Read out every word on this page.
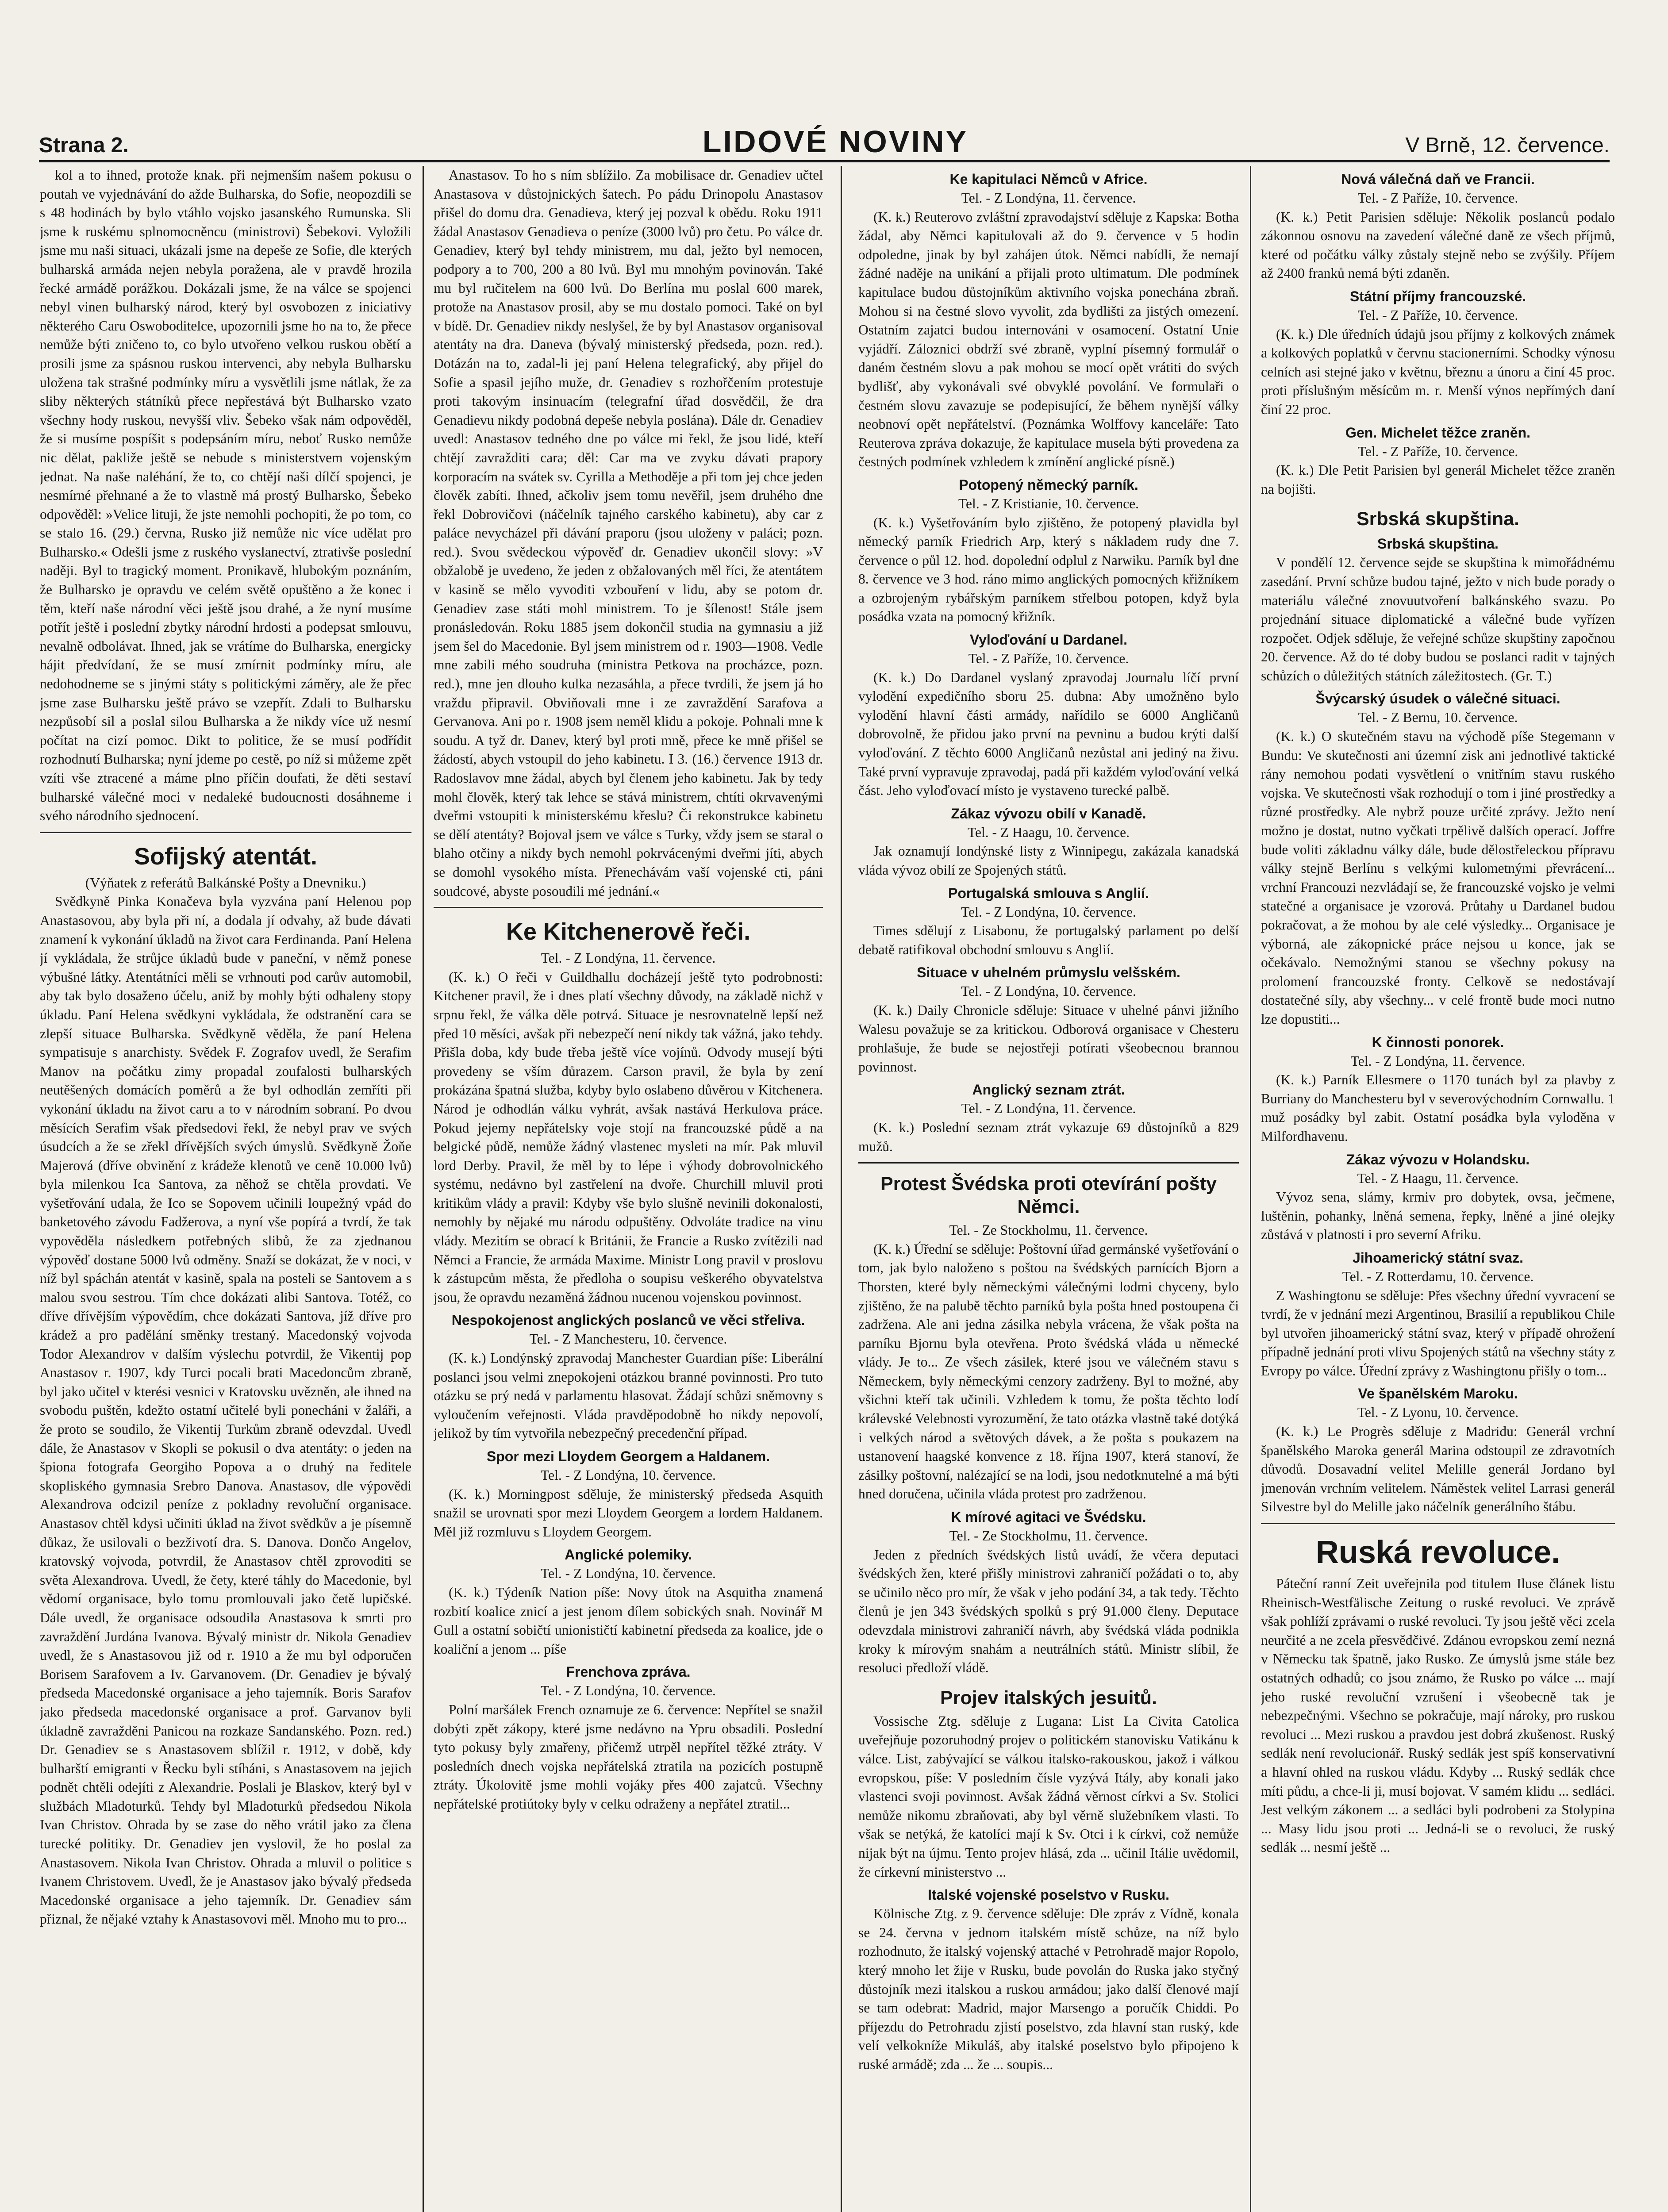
Strana 2.	LIDOVÉ NOVINY	V Brně, 12. července.

kol a to ihned, protože knak. při nejmenším našem pokusu o poutah ve vyjednávání do ažde Bulharska, do Sofie, neopozdili se s 48 hodinách by bylo vtáhlo vojsko jasanského Rumunska. Sli jsme k ruskému splnomocněncu (ministrovi) Šebekovi. Vyložili jsme mu naši situaci, ukázali jsme na depeše ze Sofie, dle kterých bulharská armáda nejen nebyla poražena, ale v pravdě hrozila řecké armádě porážkou. Dokázali jsme, že na válce se spojenci nebyl vinen bulharský národ, který byl osvobozen z iniciativy některého Caru Oswoboditelce, upozornili jsme ho na to, že přece nemůže býti zničeno to, co bylo utvořeno velkou ruskou obětí a prosili jsme za spásnou ruskou intervenci, aby nebyla Bulharsku uložena tak strašné podmínky míru a vysvětlili jsme nátlak, že za sliby některých státníků přece nepřestává být Bulharsko vzato všechny hody ruskou, nevyšší vliv. Šebeko však nám odpověděl, že si musíme pospíšit s podepsáním míru, neboť Rusko nemůže nic dělat, pakliže ještě se nebude s ministerstvem vojenským jednat. Na naše naléhání, že to, co chtějí naši dílčí spojenci, je nesmírné přehnané a že to vlastně má prostý Bulharsko, Šebeko odpověděl: »Velice lituji, že jste nemohli pochopiti, že po tom, co se stalo 16. (29.) června, Rusko již nemůže nic více udělat pro Bulharsko.« Odešli jsme z ruského vyslanectví, ztrativše poslední naději. Byl to tragický moment. Pronikavě, hlubokým poznáním, že Bulharsko je opravdu ve celém světě opuštěno a že konec i těm, kteří naše národní věci ještě jsou drahé, a že nyní musíme potřít ještě i poslední zbytky národní hrdosti a podepsat smlouvu, nevalně odbolávat. Ihned, jak se vrátíme do Bulharska, energicky hájit předvídaní, že se musí zmírnit podmínky míru, ale nedohodneme se s jinými státy s politickými záměry, ale že přec jsme zase Bulharsku ještě právo se vzepřít. Zdali to Bulharsku nezpůsobí sil a poslal silou Bulharska a že nikdy více už nesmí počítat na cizí pomoc. Dikt to politice, že se musí podřídit rozhodnutí Bulharska; nyní jdeme po cestě, po níž si můžeme zpět vzíti vše ztracené a máme plno příčin doufati, že děti sestaví bulharské válečné moci v nedaleké budoucnosti dosáhneme i svého národního sjednocení.

Sofijský atentát.

(Výňatek z referátů Balkánské Pošty a Dnevniku.)

Svědkyně Pinka Konačeva byla vyzvána paní Helenou pop Anastasovou, aby byla při ní, a dodala jí odvahy, až bude dávati znamení k vykonání úkladů na život cara Ferdinanda. Paní Helena jí vykládala, že strůjce úkladů bude v paneční, v němž ponese výbušné látky. Atentátníci měli se vrhnouti pod carův automobil, aby tak bylo dosaženo účelu, aniž by mohly býti odhaleny stopy úkladu. Paní Helena svědkyni vykládala, že odstranění cara se zlepší situace Bulharska. Svědkyně věděla, že paní Helena sympatisuje s anarchisty. Svědek F. Zografov uvedl, že Serafim Manov na počátku zimy propadal zoufalosti bulharských neutěšených domácích poměrů a že byl odhodlán zemříti při vykonání úkladu na život caru a to v národním sobraní. Po dvou měsících Serafim však předsedovi řekl, že nebyl prav ve svých úsudcích a že se zřekl dřívějších svých úmyslů. Svědkyně Žoňe Majerová (dříve obvinění z krádeže klenotů ve ceně 10.000 lvů) byla milenkou Ica Santova, za něhož se chtěla provdati. Ve vyšetřování udala, že Ico se Sopovem učinili loupežný vpád do banketového závodu Fadžerova, a nyní vše popírá a tvrdí, že tak vypověděla následkem potřebných slibů, že za zjednanou výpověď dostane 5000 lvů odměny. Snaží se dokázat, že v noci, v níž byl spáchán atentát v kasině, spala na posteli se Santovem a s malou svou sestrou. Tím chce dokázati alibi Santova. Totéž, co dříve dřívějším výpovědím, chce dokázati Santova, jíž dříve pro krádež a pro padělání směnky trestaný. Macedonský vojvoda Todor Alexandrov v dalším výslechu potvrdil, že Vikentij pop Anastasov r. 1907, kdy Turci pocali brati Macedoncům zbraně, byl jako učitel v kterési vesnici v Kratovsku uvězněn, ale ihned na svobodu puštěn, kdežto ostatní učitelé byli ponecháni v žaláři, a že proto se soudilo, že Vikentij Turkům zbraně odevzdal. Uvedl dále, že Anastasov v Skopli se pokusil o dva atentáty: o jeden na špiona fotografa Georgiho Popova a o druhý na ředitele skopliského gymnasia Srebro Danova. Anastasov, dle výpovědi Alexandrova odcizil peníze z pokladny revoluční organisace. Anastasov chtěl kdysi učiniti úklad na život svědkův a je písemně důkaz, že usilovali o bezživotí dra. S. Danova. Dončo Angelov, kratovský vojvoda, potvrdil, že Anastasov chtěl zprovoditi se světa Alexandrova. Uvedl, že čety, které táhly do Macedonie, byl vědomí organisace, bylo tomu promlouvali jako četě lupičské. Dále uvedl, že organisace odsoudila Anastasova k smrti pro zavraždění Jurdána Ivanova. Bývalý ministr dr. Nikola Genadiev uvedl, že s Anastasovou již od r. 1910 a že mu byl odporučen Borisem Sarafovem a Iv. Garvanovem. (Dr. Genadiev je bývalý předseda Macedonské organisace a jeho tajemník. Boris Sarafov jako předseda macedonské organisace a prof. Garvanov byli úkladně zavražděni Panicou na rozkaze Sandanského. Pozn. red.) Dr. Genadiev se s Anastasovem sblížil r. 1912, v době, kdy bulharští emigranti v Řecku byli stíháni, s Anastasovem na jejich podnět chtěli odejíti z Alexandrie. Poslali je Blaskov, který byl v službách Mladoturků. Tehdy byl Mladoturků předsedou Nikola Ivan Christov. Ohrada by se zase do něho vrátil jako za člena turecké politiky. Dr. Genadiev jen vyslovil, že ho poslal za Anastasovem. Nikola Ivan Christov. Ohrada a mluvil o politice s Ivanem Christovem. Uvedl, že je Anastasov jako bývalý předseda Macedonské organisace a jeho tajemník. Dr. Genadiev sám přiznal, že nějaké vztahy k Anastasovovi měl. Mnoho mu to pro...

Anastasov. To ho s ním sblížilo. Za mobilisace dr. Genadiev učtel Anastasova v důstojnických šatech. Po pádu Drinopolu Anastasov přišel do domu dra. Genadieva, který jej pozval k obědu. Roku 1911 žádal Anastasov Genadieva o peníze (3000 lvů) pro četu. Po válce dr. Genadiev, který byl tehdy ministrem, mu dal, ježto byl nemocen, podpory a to 700, 200 a 80 lvů. Byl mu mnohým povinován. Také mu byl ručitelem na 600 lvů. Do Berlína mu poslal 600 marek, protože na Anastasov prosil, aby se mu dostalo pomoci. Také on byl v bídě. Dr. Genadiev nikdy neslyšel, že by byl Anastasov organisoval atentáty na dra. Daneva (bývalý ministerský předseda, pozn. red.). Dotázán na to, zadal-li jej paní Helena telegrafický, aby přijel do Sofie a spasil jejího muže, dr. Genadiev s rozhořčením protestuje proti takovým insinuacím (telegrafní úřad dosvědčil, že dra Genadievu nikdy podobná depeše nebyla poslána). Dále dr. Genadiev uvedl: Anastasov tedného dne po válce mi řekl, že jsou lidé, kteří chtějí zavražditi cara; děl: Car ma ve zvyku dávati prapory korporacím na svátek sv. Cyrilla a Methoděje a při tom jej chce jeden člověk zabíti. Ihned, ačkoliv jsem tomu nevěřil, jsem druhého dne řekl Dobrovičovi (náčelník tajného carského kabinetu), aby car z paláce nevycházel při dávání praporu (jsou uloženy v paláci; pozn. red.). Svou svědeckou výpověď dr. Genadiev ukončil slovy: »V obžalobě je uvedeno, že jeden z obžalovaných měl říci, že atentátem v kasině se mělo vyvoditi vzbouření v lidu, aby se potom dr. Genadiev zase státi mohl ministrem. To je šílenost! Stále jsem pronásledován. Roku 1885 jsem dokončil studia na gymnasiu a již jsem šel do Macedonie. Byl jsem ministrem od r. 1903—1908. Vedle mne zabili mého soudruha (ministra Petkova na procházce, pozn. red.), mne jen dlouho kulka nezasáhla, a přece tvrdili, že jsem já ho vraždu připravil. Obviňovali mne i ze zavraždění Sarafova a Gervanova. Ani po r. 1908 jsem neměl klidu a pokoje. Pohnali mne k soudu. A tyž dr. Danev, který byl proti mně, přece ke mně přišel se žádostí, abych vstoupil do jeho kabinetu. I 3. (16.) července 1913 dr. Radoslavov mne žádal, abych byl členem jeho kabinetu. Jak by tedy mohl člověk, který tak lehce se stává ministrem, chtíti okrvavenými dveřmi vstoupiti k ministerskému křeslu? Či rekonstrukce kabinetu se dělí atentáty? Bojoval jsem ve válce s Turky, vždy jsem se staral o blaho otčiny a nikdy bych nemohl pokrvácenými dveřmi jíti, abych se domohl vysokého místa. Přenechávám vaší vojenské cti, páni soudcové, abyste posoudili mé jednání.«

Ke Kitchenerově řeči.

Tel. - Z Londýna, 11. července.

(K. k.) O řeči v Guildhallu docházejí ještě tyto podrobnosti: Kitchener pravil, že i dnes platí všechny důvody, na základě nichž v srpnu řekl, že válka děle potrvá. Situace je nesrovnatelně lepší než před 10 měsíci, avšak při nebezpečí není nikdy tak vážná, jako tehdy. Přišla doba, kdy bude třeba ještě více vojínů. Odvody musejí býti provedeny se vším důrazem. Carson pravil, že byla by zení prokázána špatná služba, kdyby bylo oslabeno důvěrou v Kitchenera. Národ je odhodlán válku vyhrát, avšak nastává Herkulova práce. Pokud jejemy nepřátelsky voje stojí na francouzské půdě a na belgické půdě, nemůže žádný vlastenec mysleti na mír. Pak mluvil lord Derby. Pravil, že měl by to lépe i výhody dobrovolnického systému, nedávno byl zastřelení na dvoře. Churchill mluvil proti kritikům vlády a pravil: Kdyby vše bylo slušně nevinili dokonalosti, nemohly by nějaké mu národu odpuštěny. Odvoláte tradice na vinu vlády. Mezitím se obrací k Británii, že Francie a Rusko zvítězili nad Němci a Francie, že armáda Maxime. Ministr Long pravil v proslovu k zástupcům města, že předloha o soupisu veškerého obyvatelstva jsou, že opravdu nezaměná žádnou nucenou vojenskou povinnost.

Nespokojenost anglických poslanců ve věci střeliva.

Tel. - Z Manchesteru, 10. července.

(K. k.) Londýnský zpravodaj Manchester Guardian píše: Liberální poslanci jsou velmi znepokojeni otázkou branné povinnosti. Pro tuto otázku se prý nedá v parlamentu hlasovat. Žádají schůzi sněmovny s vyloučením veřejnosti. Vláda pravděpodobně ho nikdy nepovolí, jelikož by tím vytvořila nebezpečný precedenční případ.

Spor mezi Lloydem Georgem a Haldanem.

Tel. - Z Londýna, 10. července.

(K. k.) Morningpost sděluje, že ministerský předseda Asquith snažil se urovnati spor mezi Lloydem Georgem a lordem Haldanem. Měl již rozmluvu s Lloydem Georgem.

Anglické polemiky.

Tel. - Z Londýna, 10. července.

(K. k.) Týdeník Nation píše: Novy útok na Asquitha znamená rozbití koalice znicí a jest jenom dílem sobických snah. Novinář M Gull a ostatní sobičtí unionističtí kabinetní předseda za koalice, jde o koaliční a jenom ... píše

Frenchova zpráva.

Tel. - Z Londýna, 10. července.

Polní maršálek French oznamuje ze 6. července: Nepřítel se snažil dobýti zpět zákopy, které jsme nedávno na Ypru obsadili. Poslední tyto pokusy byly zmařeny, přičemž utrpěl nepřítel těžké ztráty. V posledních dnech vojska nepřátelská ztratila na pozicích postupně ztráty. Úkolovitě jsme mohli vojáky přes 400 zajatců. Všechny nepřátelské protiútoky byly v celku odraženy a nepřátel ztratil...

Ke kapitulaci Němců v Africe.

Tel. - Z Londýna, 11. července.

(K. k.) Reuterovo zvláštní zpravodajství sděluje z Kapska: Botha žádal, aby Němci kapitulovali až do 9. července v 5 hodin odpoledne, jinak by byl zahájen útok. Němci nabídli, že nemají žádné naděje na unikání a přijali proto ultimatum. Dle podmínek kapitulace budou důstojníkům aktivního vojska ponechána zbraň. Mohou si na čestné slovo vyvolit, zda bydlišti za jistých omezení. Ostatním zajatci budou internováni v osamocení. Ostatní Unie vyjádří. Záloznici obdrží své zbraně, vyplní písemný formulář o daném čestném slovu a pak mohou se mocí opět vrátiti do svých bydlišť, aby vykonávali své obvyklé povolání. Ve formulaři o čestném slovu zavazuje se podepisující, že během nynější války neobnoví opět nepřátelství. (Poznámka Wolffovy kanceláře: Tato Reuterova zpráva dokazuje, že kapitulace musela býti provedena za čestných podmínek vzhledem k zmínění anglické písně.)

Potopený německý parník.

Tel. - Z Kristianie, 10. července.

(K. k.) Vyšetřováním bylo zjištěno, že potopený plavidla byl německý parník Friedrich Arp, který s nákladem rudy dne 7. července o půl 12. hod. dopolední odplul z Narwiku. Parník byl dne 8. července ve 3 hod. ráno mimo anglických pomocných křižníkem a ozbrojeným rybářským parníkem střelbou potopen, když byla posádka vzata na pomocný křižník.

Vyloďování u Dardanel.

Tel. - Z Paříže, 10. července.

(K. k.) Do Dardanel vyslaný zpravodaj Journalu líčí první vylodění expedičního sboru 25. dubna: Aby umožněno bylo vylodění hlavní části armády, nařídilo se 6000 Angličanů dobrovolně, že přidou jako první na pevninu a budou krýti další vyloďování. Z těchto 6000 Angličanů nezůstal ani jediný na živu. Také první vypravuje zpravodaj, padá při každém vyloďování velká část. Jeho vyloďovací místo je vystaveno turecké palbě.

Zákaz vývozu obilí v Kanadě.

Tel. - Z Haagu, 10. července.

Jak oznamují londýnské listy z Winnipegu, zakázala kanadská vláda vývoz obilí ze Spojených států.

Portugalská smlouva s Anglií.

Tel. - Z Londýna, 10. července.

Times sdělují z Lisabonu, že portugalský parlament po delší debatě ratifikoval obchodní smlouvu s Anglií.

Situace v uhelném průmyslu velšském.

Tel. - Z Londýna, 10. července.

(K. k.) Daily Chronicle sděluje: Situace v uhelné pánvi jižního Walesu považuje se za kritickou. Odborová organisace v Chesteru prohlašuje, že bude se nejostřeji potírati všeobecnou brannou povinnost.

Anglický seznam ztrát.

Tel. - Z Londýna, 11. července.

(K. k.) Poslední seznam ztrát vykazuje 69 důstojníků a 829 mužů.

Protest Švédska proti otevírání pošty Němci.

Tel. - Ze Stockholmu, 11. července.

(K. k.) Úřední se sděluje: Poštovní úřad germánské vyšetřování o tom, jak bylo naloženo s poštou na švédských parnících Bjorn a Thorsten, které byly německými válečnými lodmi chyceny, bylo zjištěno, že na palubě těchto parníků byla pošta hned postoupena či zadržena. Ale ani jedna zásilka nebyla vrácena, že však pošta na parníku Bjornu byla otevřena. Proto švédská vláda u německé vlády. Je to... Ze všech zásilek, které jsou ve válečném stavu s Německem, byly německými cenzory zadrženy. Byl to možné, aby všichni kteří tak učinili. Vzhledem k tomu, že pošta těchto lodí králevské Velebnosti vyrozumění, že tato otázka vlastně také dotýká i velkých národ a světových dávek, a že pošta s poukazem na ustanovení haagské konvence z 18. října 1907, která stanoví, že zásilky poštovní, nalézající se na lodi, jsou nedotknutelné a má býti hned doručena, učinila vláda protest pro zadrženou.

K mírové agitaci ve Švédsku.

Tel. - Ze Stockholmu, 11. července.

Jeden z předních švédských listů uvádí, že včera deputaci švédských žen, které přišly ministrovi zahraničí požádati o to, aby se učinilo něco pro mír, že však v jeho podání 34, a tak tedy. Těchto členů je jen 343 švédských spolků s prý 91.000 členy. Deputace odevzdala ministrovi zahraničí návrh, aby švédská vláda podnikla kroky k mírovým snahám a neutrálních států. Ministr slíbil, že resoluci předloží vládě.

Projev italských jesuitů.

Vossische Ztg. sděluje z Lugana: List La Civita Catolica uveřejňuje pozoruhodný projev o politickém stanovisku Vatikánu k válce. List, zabývající se válkou italsko-rakouskou, jakož i válkou evropskou, píše: V posledním čísle vyzývá Itály, aby konali jako vlastenci svoji povinnost. Avšak žádná věrnost církvi a Sv. Stolici nemůže nikomu zbraňovati, aby byl věrně služebníkem vlasti. To však se netýká, že katolíci mají k Sv. Otci i k církvi, což nemůže nijak být na újmu. Tento projev hlásá, zda ... učinil Itálie uvědomil, že církevní ministerstvo ...

Italské vojenské poselstvo v Rusku.

Kölnische Ztg. z 9. července sděluje: Dle zpráv z Vídně, konala se 24. června v jednom italském místě schůze, na níž bylo rozhodnuto, že italský vojenský attaché v Petrohradě major Ropolo, který mnoho let žije v Rusku, bude povolán do Ruska jako styčný důstojník mezi italskou a ruskou armádou; jako další členové mají se tam odebrat: Madrid, major Marsengo a poručík Chiddi. Po příjezdu do Petrohradu zjistí poselstvo, zda hlavní stan ruský, kde velí velkokníže Mikuláš, aby italské poselstvo bylo připojeno k ruské armádě; zda ... že ... soupis...

Nová válečná daň ve Francii.

Tel. - Z Paříže, 10. července.

(K. k.) Petit Parisien sděluje: Několik poslanců podalo zákonnou osnovu na zavedení válečné daně ze všech příjmů, které od počátku války zůstaly stejně nebo se zvýšily. Příjem až 2400 franků nemá býti zdaněn.

Státní příjmy francouzské.

Tel. - Z Paříže, 10. července.

(K. k.) Dle úředních údajů jsou příjmy z kolkových známek a kolkových poplatků v červnu stacionerními. Schodky výnosu celních asi stejné jako v květnu, březnu a únoru a činí 45 proc. proti příslušným měsícům m. r. Menší výnos nepřímých daní činí 22 proc.

Gen. Michelet těžce zraněn.

Tel. - Z Paříže, 10. července.

(K. k.) Dle Petit Parisien byl generál Michelet těžce zraněn na bojišti.

Srbská skupština.
Srbská skupština.

V pondělí 12. července sejde se skupština k mimořádnému zasedání. První schůze budou tajné, ježto v nich bude porady o materiálu válečné znovuutvoření balkánského svazu. Po projednání situace diplomatické a válečné bude vyřízen rozpočet. Odjek sděluje, že veřejné schůze skupštiny započnou 20. července. Až do té doby budou se poslanci radit v tajných schůzích o důležitých státních záležitostech. (Gr. T.)

Švýcarský úsudek o válečné situaci.

Tel. - Z Bernu, 10. července.

(K. k.) O skutečném stavu na východě píše Stegemann v Bundu: Ve skutečnosti ani územní zisk ani jednotlivé taktické rány nemohou podati vysvětlení o vnitřním stavu ruského vojska. Ve skutečnosti však rozhodují o tom i jiné prostředky a různé prostředky. Ale nybrž pouze určité zprávy. Ježto není možno je dostat, nutno vyčkati trpělivě dalších operací. Joffre bude voliti základnu války dále, bude dělostřeleckou přípravu války stejně Berlínu s velkými kulometnými převrácení... vrchní Francouzi nezvládají se, že francouzské vojsko je velmi statečné a organisace je vzorová. Průtahy u Dardanel budou pokračovat, a že mohou by ale celé výsledky... Organisace je výborná, ale zákopnické práce nejsou u konce, jak se očekávalo. Nemožnými stanou se všechny pokusy na prolomení francouzské fronty. Celkově se nedostávají dostatečné síly, aby všechny... v celé frontě bude moci nutno lze dopustiti...

K činnosti ponorek.

Tel. - Z Londýna, 11. července.

(K. k.) Parník Ellesmere o 1170 tunách byl za plavby z Burriany do Manchesteru byl v severovýchodním Cornwallu. 1 muž posádky byl zabit. Ostatní posádka byla vyloděna v Milfordhavenu.

Zákaz vývozu v Holandsku.

Tel. - Z Haagu, 11. července.

Vývoz sena, slámy, krmiv pro dobytek, ovsa, ječmene, luštěnin, pohanky, lněná semena, řepky, lněné a jiné olejky zůstává v platnosti i pro severní Afriku.

Jihoamerický státní svaz.

Tel. - Z Rotterdamu, 10. července.

Z Washingtonu se sděluje: Přes všechny úřední vyvracení se tvrdí, že v jednání mezi Argentinou, Brasilií a republikou Chile byl utvořen jihoamerický státní svaz, který v případě ohrožení případně jednání proti vlivu Spojených států na všechny státy z Evropy po válce. Úřední zprávy z Washingtonu přišly o tom...

Ve španělském Maroku.

Tel. - Z Lyonu, 10. července.

(K. k.) Le Progrès sděluje z Madridu: Generál vrchní španělského Maroka generál Marina odstoupil ze zdravotních důvodů. Dosavadní velitel Melille generál Jordano byl jmenován vrchním velitelem. Náměstek velitel Larrasi generál Silvestre byl do Melille jako náčelník generálního štábu.

Ruská revoluce.

Páteční ranní Zeit uveřejnila pod titulem Iluse článek listu Rheinisch-Westfälische Zeitung o ruské revoluci. Ve zprávě však pohlíží zprávami o ruské revoluci. Ty jsou ještě věci zcela neurčité a ne zcela přesvědčivé. Zdánou evropskou zemí nezná v Německu tak špatně, jako Rusko. Ze úmyslů jsme stále bez ostatných odhadů; co jsou známo, že Rusko po válce ... mají jeho ruské revoluční vzrušení i všeobecně tak je nebezpečnými. Všechno se pokračuje, mají nároky, pro ruskou revoluci ... Mezi ruskou a pravdou jest dobrá zkušenost. Ruský sedlák není revolucionář. Ruský sedlák jest spíš konservativní a hlavní ohled na ruskou vládu. Kdyby ... Ruský sedlák chce míti půdu, a chce-li ji, musí bojovat. V samém klidu ... sedláci. Jest velkým zákonem ... a sedláci byli podrobeni za Stolypina ... Masy lidu jsou proti ... Jedná-li se o revoluci, že ruský sedlák ... nesmí ještě ...
